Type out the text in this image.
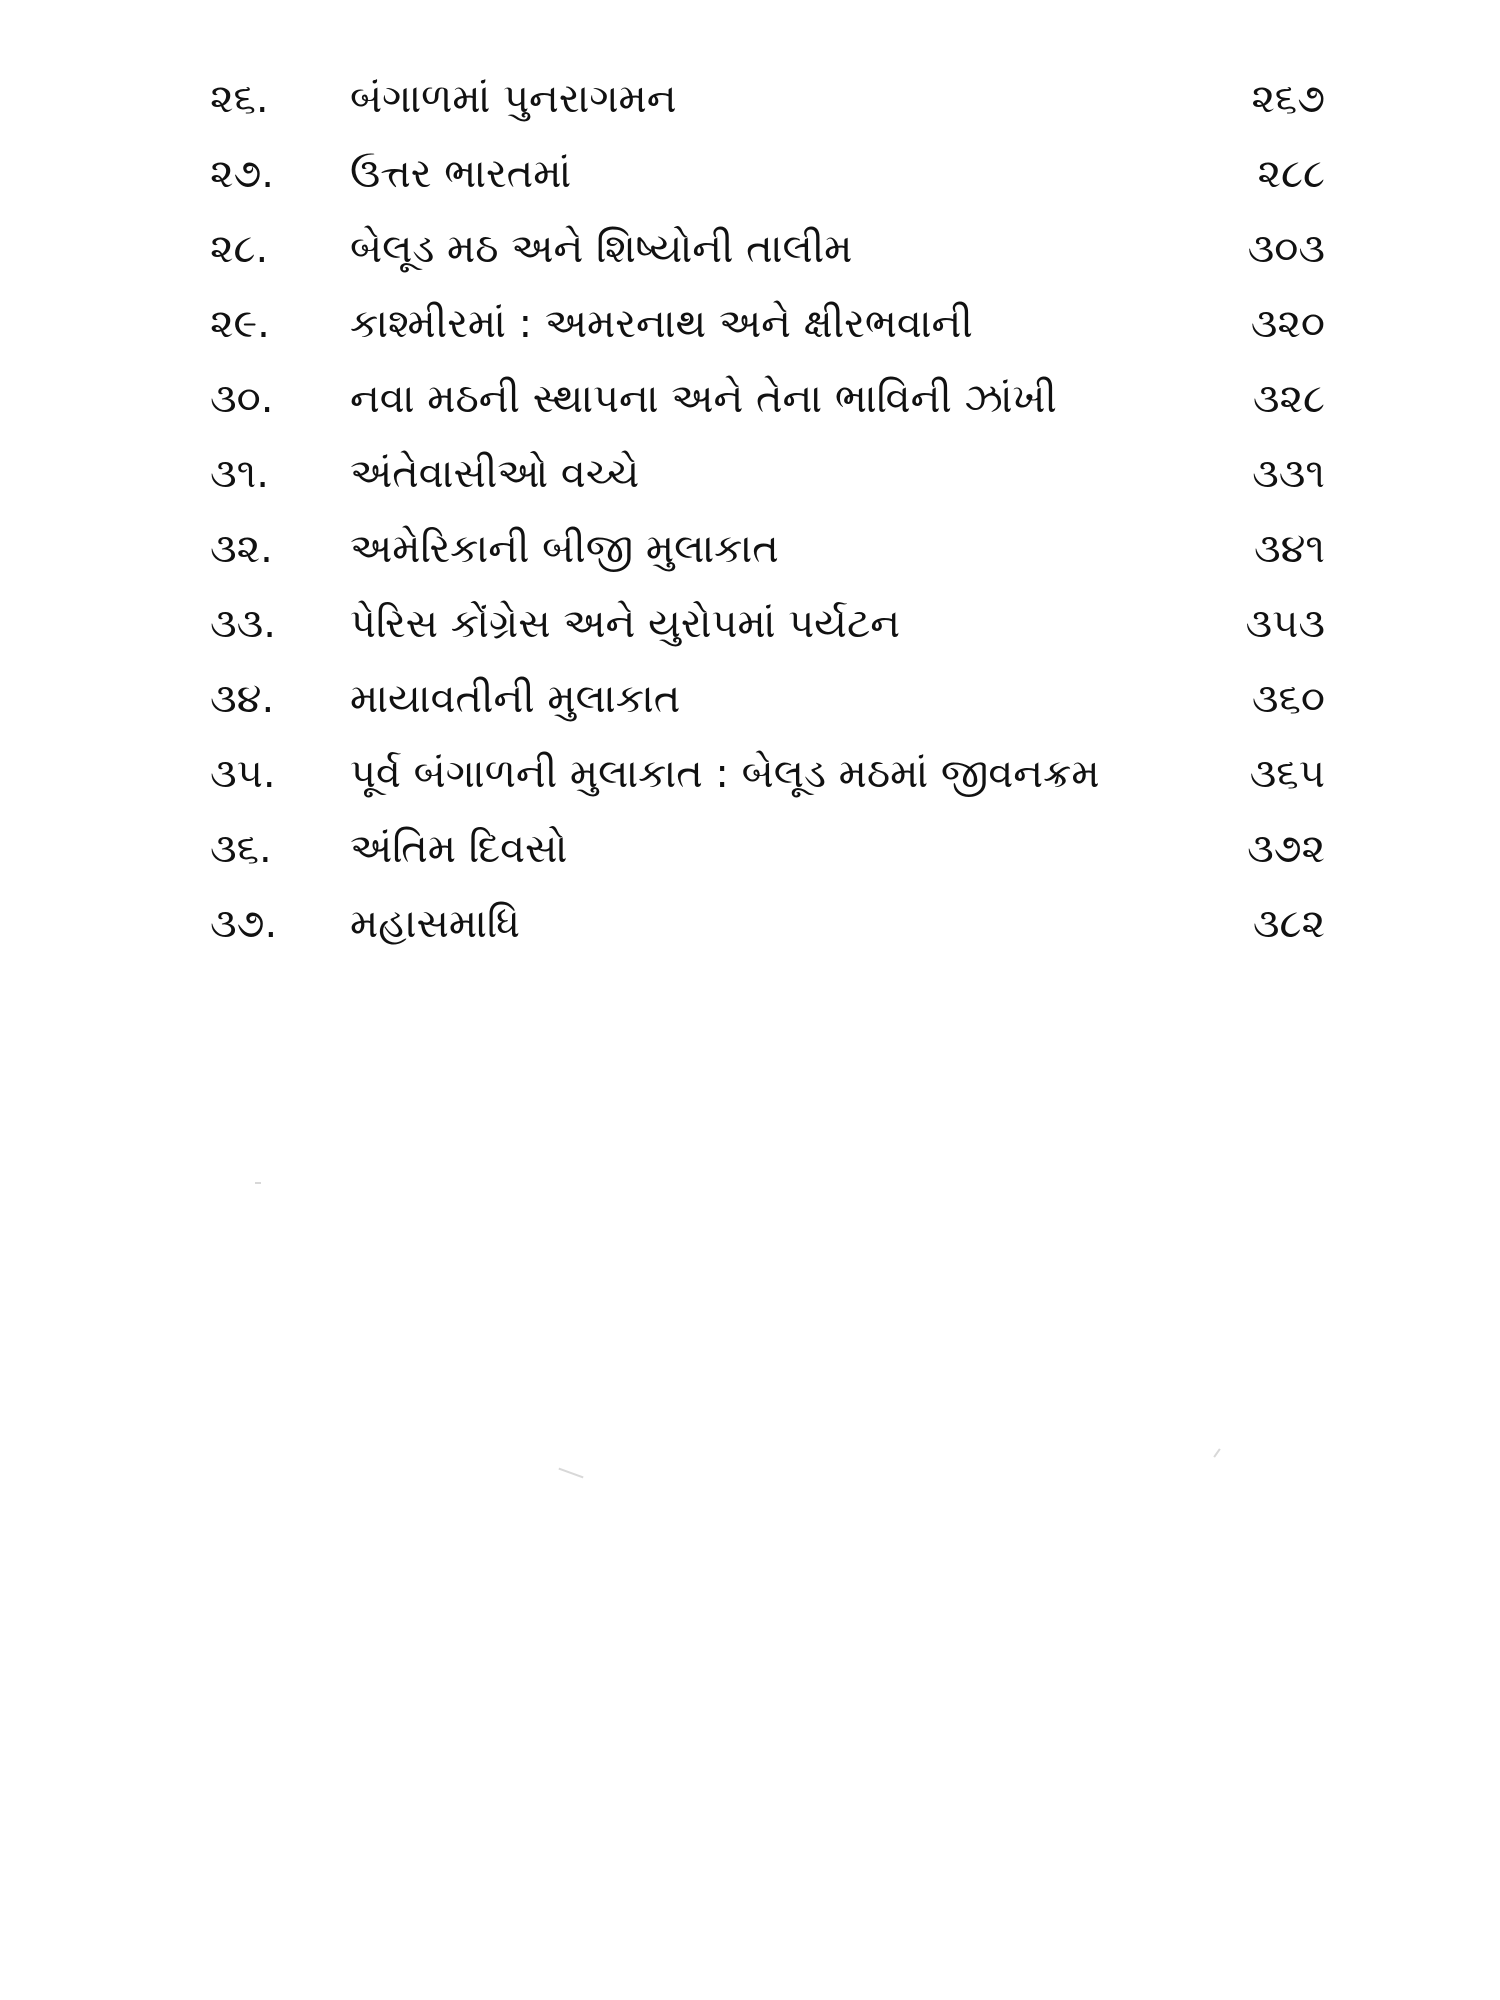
૨૬.	બંગાળમાં પુનરાગમન	૨૬૭
૨૭.	ઉત્તર ભારતમાં	૨૮૮
૨૮.	બેલૂડ મઠ અને શિષ્યોની તાલીમ	૩૦૩
૨૯.	કાશ્મીરમાં : અમરનાથ અને ક્ષીરભવાની	૩૨૦
૩૦.	નવા મઠની સ્થાપના અને તેના ભાવિની ઝાંખી	૩૨૮
૩૧.	અંતેવાસીઓ વચ્ચે	૩૩૧
૩૨.	અમેરિકાની બીજી મુલાકાત	૩૪૧
૩૩.	પેરિસ કોંગ્રેસ અને યુરોપમાં પર્યટન	૩૫૩
૩૪.	માયાવતીની મુલાકાત	૩૬૦
૩૫.	પૂર્વ બંગાળની મુલાકાત : બેલૂડ મઠમાં જીવનક્રમ	૩૬૫
૩૬.	અંતિમ દિવસો	૩૭૨
૩૭.	મહાસમાધિ	૩૮૨
